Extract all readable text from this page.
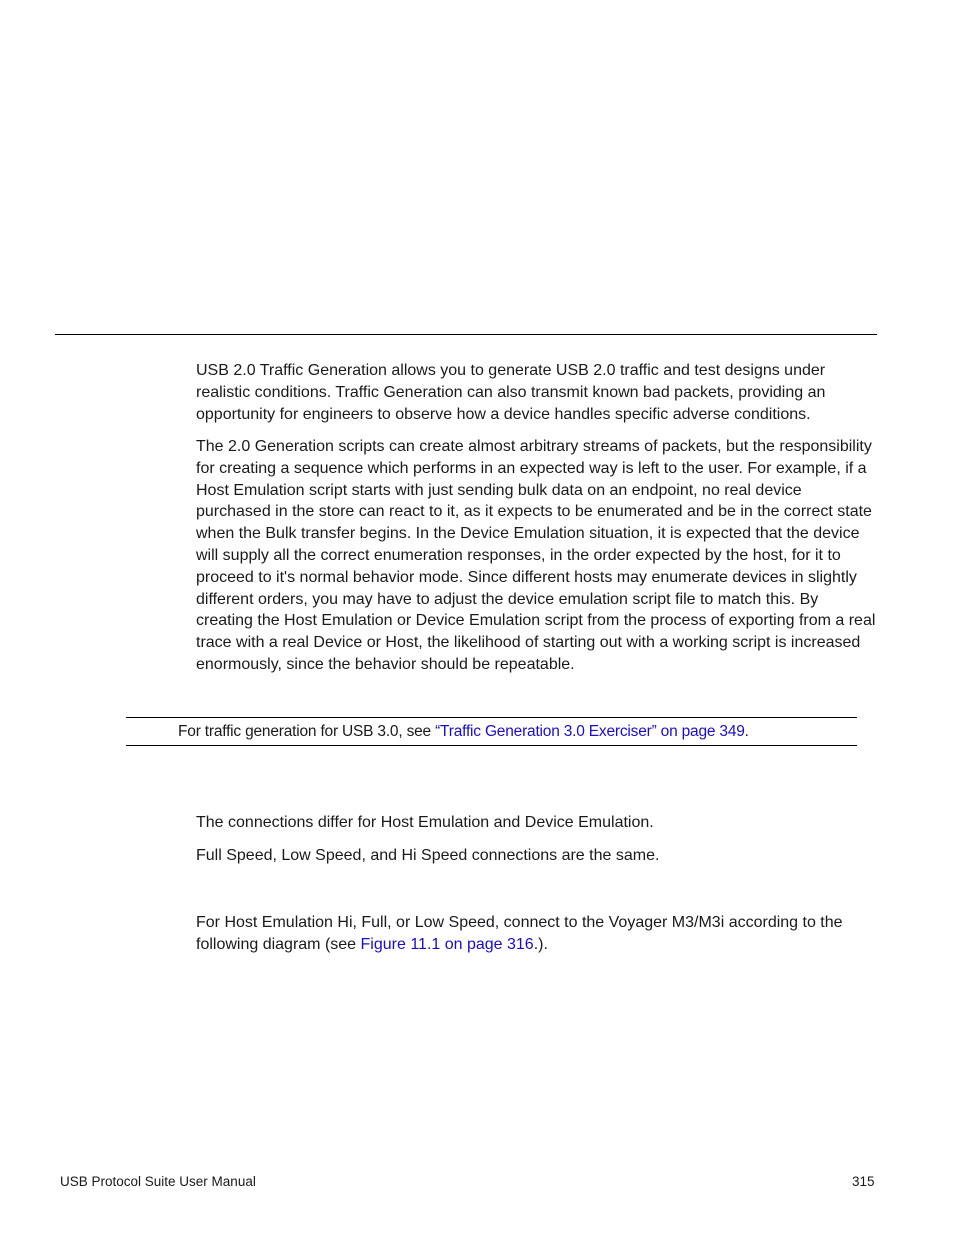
USB 2.0 Traffic Generation allows you to generate USB 2.0 traffic and test designs under realistic conditions. Traffic Generation can also transmit known bad packets, providing an opportunity for engineers to observe how a device handles specific adverse conditions.

The 2.0 Generation scripts can create almost arbitrary streams of packets, but the responsibility for creating a sequence which performs in an expected way is left to the user. For example, if a Host Emulation script starts with just sending bulk data on an endpoint, no real device purchased in the store can react to it, as it expects to be enumerated and be in the correct state when the Bulk transfer begins. In the Device Emulation situation, it is expected that the device will supply all the correct enumeration responses, in the order expected by the host, for it to proceed to it's normal behavior mode. Since different hosts may enumerate devices in slightly different orders, you may have to adjust the device emulation script file to match this. By creating the Host Emulation or Device Emulation script from the process of exporting from a real trace with a real Device or Host, the likelihood of starting out with a working script is increased enormously, since the behavior should be repeatable.

For traffic generation for USB 3.0, see “Traffic Generation 3.0 Exerciser” on page 349.

The connections differ for Host Emulation and Device Emulation.

Full Speed, Low Speed, and Hi Speed connections are the same.

For Host Emulation Hi, Full, or Low Speed, connect to the Voyager M3/M3i according to the following diagram (see Figure 11.1 on page 316.).

USB Protocol Suite User Manual	315
